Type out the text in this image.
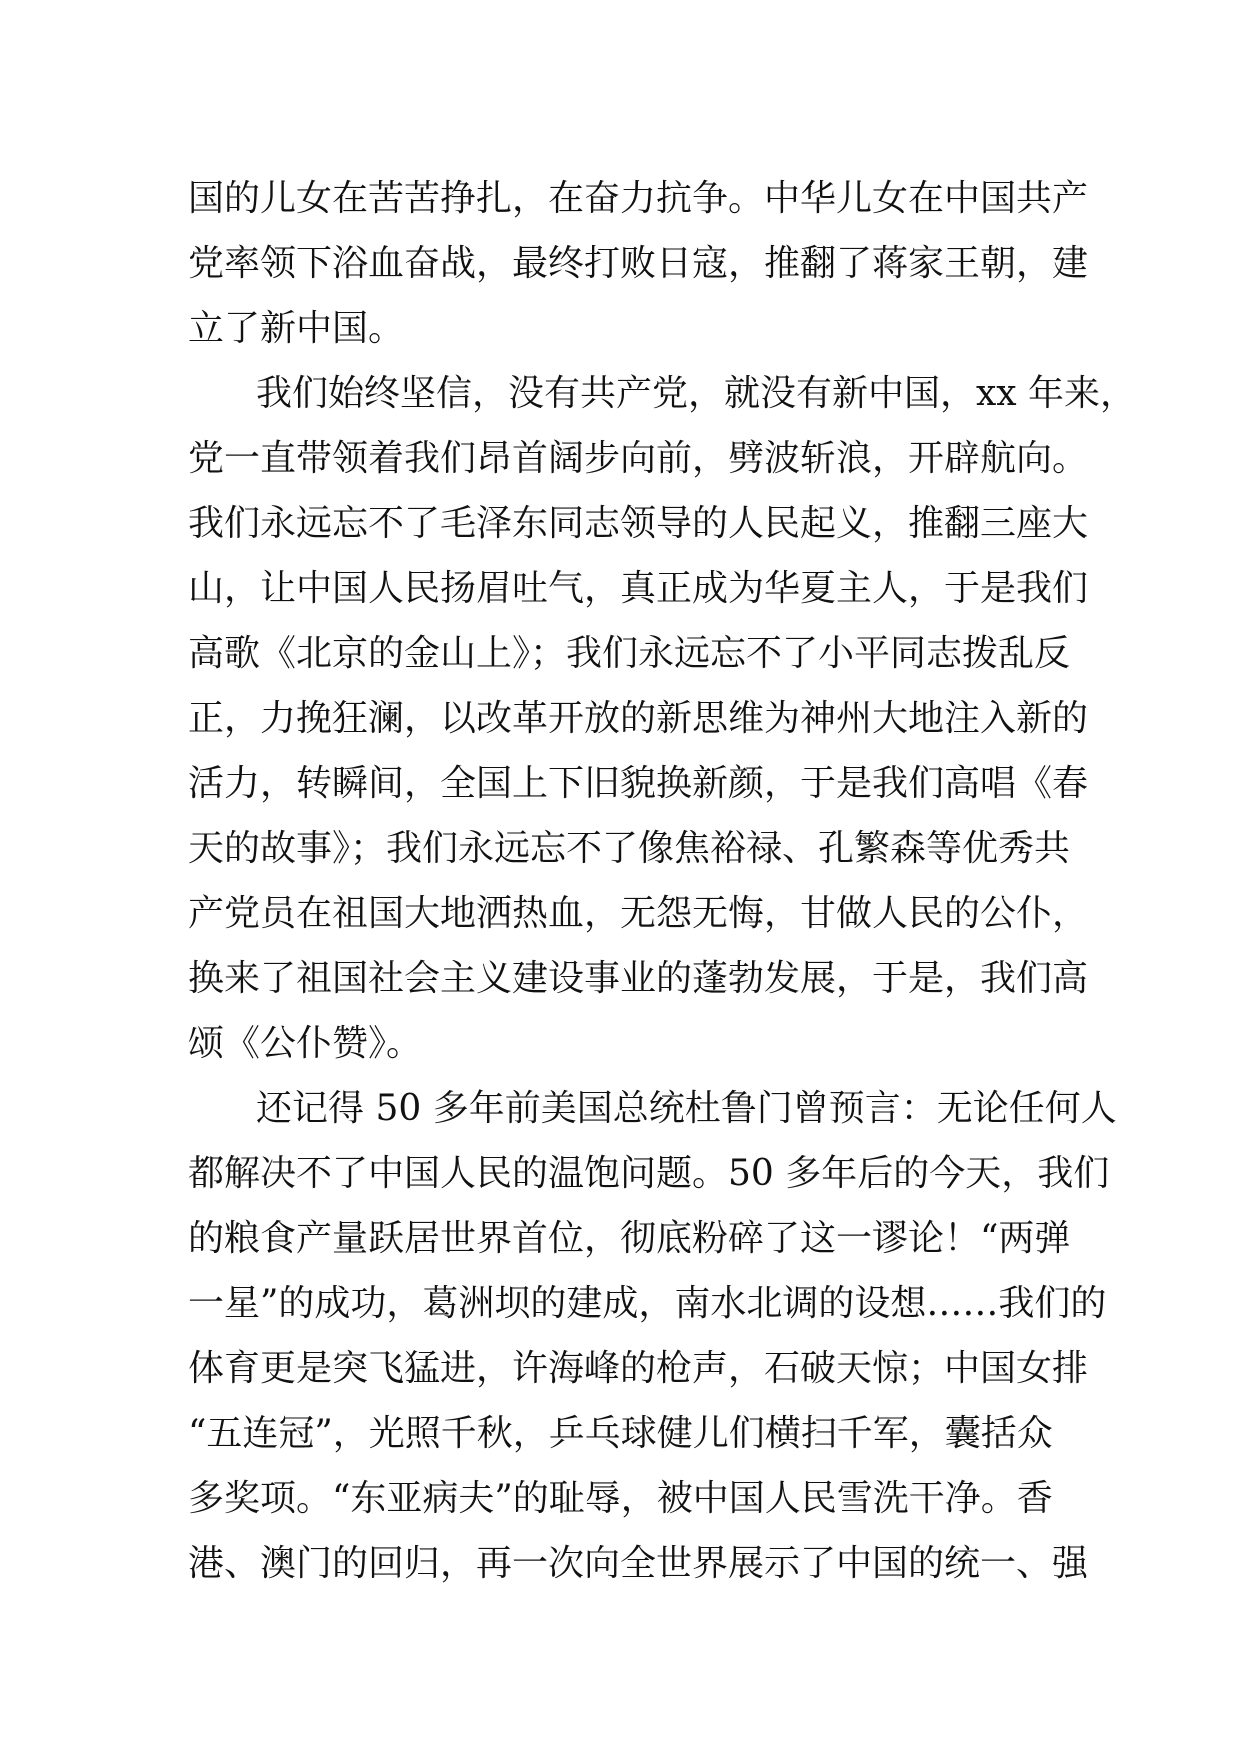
国的儿女在苦苦挣扎，在奋力抗争。中华儿女在中国共产
党率领下浴血奋战，最终打败日寇，推翻了蒋家王朝，建
立了新中国。
我们始终坚信，没有共产党，就没有新中国，xx 年来，
党一直带领着我们昂首阔步向前，劈波斩浪，开辟航向。
我们永远忘不了毛泽东同志领导的人民起义，推翻三座大
山，让中国人民扬眉吐气，真正成为华夏主人，于是我们
高歌《北京的金山上》；我们永远忘不了小平同志拨乱反
正，力挽狂澜，以改革开放的新思维为神州大地注入新的
活力，转瞬间，全国上下旧貌换新颜，于是我们高唱《春
天的故事》；我们永远忘不了像焦裕禄、孔繁森等优秀共
产党员在祖国大地洒热血，无怨无悔，甘做人民的公仆，
换来了祖国社会主义建设事业的蓬勃发展，于是，我们高
颂《公仆赞》。
还记得 50 多年前美国总统杜鲁门曾预言：无论任何人
都解决不了中国人民的温饱问题。50 多年后的今天，我们
的粮食产量跃居世界首位，彻底粉碎了这一谬论！“两弹
一星”的成功，葛洲坝的建成，南水北调的设想……我们的
体育更是突飞猛进，许海峰的枪声，石破天惊；中国女排
“五连冠”，光照千秋，乒乓球健儿们横扫千军，囊括众
多奖项。“东亚病夫”的耻辱，被中国人民雪洗干净。香
港、澳门的回归，再一次向全世界展示了中国的统一、强
